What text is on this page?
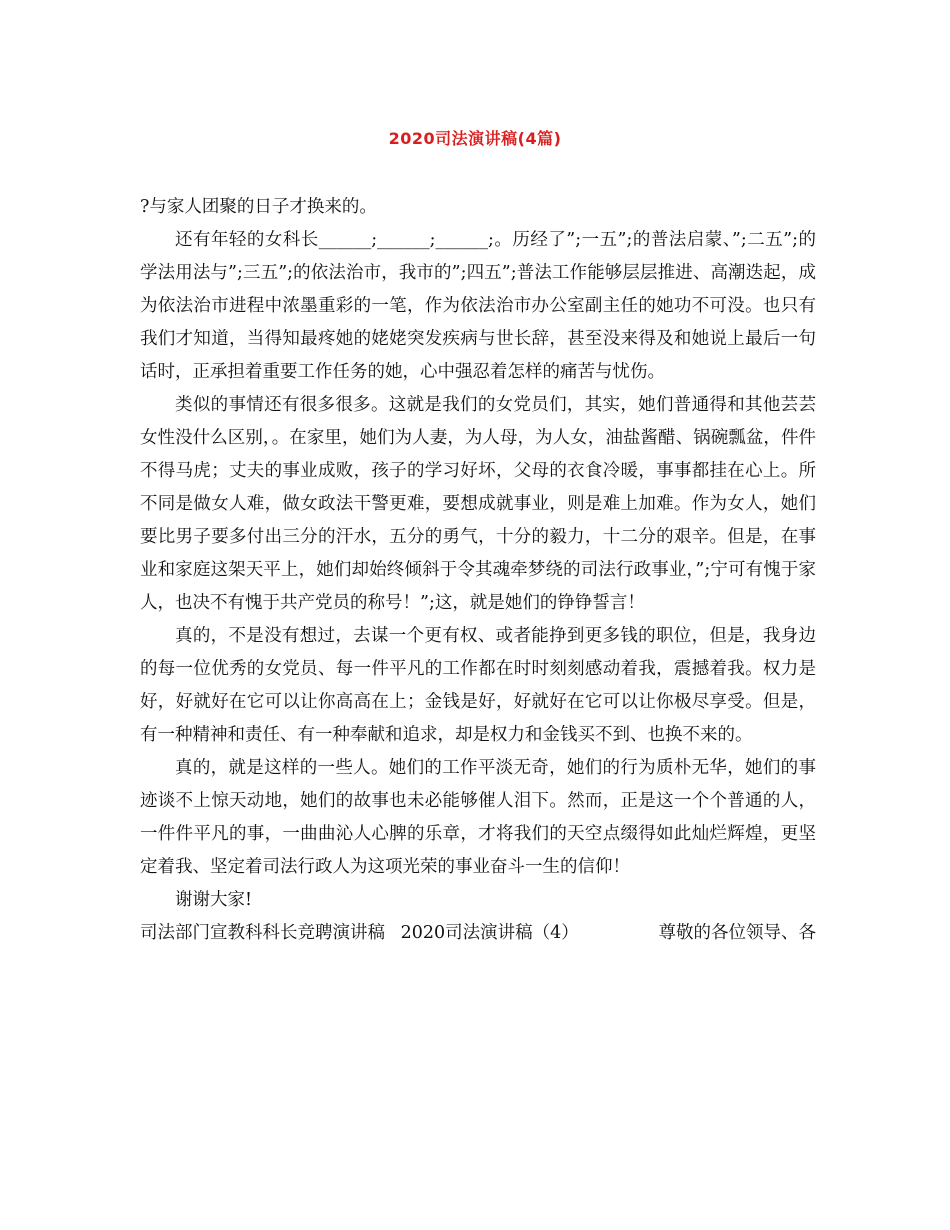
2020司法演讲稿(4篇)

?与家人团聚的日子才换来的。

还有年轻的女科长______;______;______;。历经了”;一五”;的普法启蒙、”;二五”;的学法用法与”;三五”;的依法治市，我市的”;四五”;普法工作能够层层推进、高潮迭起，成为依法治市进程中浓墨重彩的一笔，作为依法治市办公室副主任的她功不可没。也只有我们才知道，当得知最疼她的姥姥突发疾病与世长辞，甚至没来得及和她说上最后一句话时，正承担着重要工作任务的她，心中强忍着怎样的痛苦与忧伤。

类似的事情还有很多很多。这就是我们的女党员们，其实，她们普通得和其他芸芸女性没什么区别，。在家里，她们为人妻，为人母，为人女，油盐酱醋、锅碗瓢盆，件件不得马虎；丈夫的事业成败，孩子的学习好坏，父母的衣食冷暖，事事都挂在心上。所不同是做女人难，做女政法干警更难，要想成就事业，则是难上加难。作为女人，她们要比男子要多付出三分的汗水，五分的勇气，十分的毅力，十二分的艰辛。但是，在事业和家庭这架天平上，她们却始终倾斜于令其魂牵梦绕的司法行政事业，”;宁可有愧于家人，也决不有愧于共产党员的称号！”;这，就是她们的铮铮誓言！

真的，不是没有想过，去谋一个更有权、或者能挣到更多钱的职位，但是，我身边的每一位优秀的女党员、每一件平凡的工作都在时时刻刻感动着我，震撼着我。权力是好，好就好在它可以让你高高在上；金钱是好，好就好在它可以让你极尽享受。但是，有一种精神和责任、有一种奉献和追求，却是权力和金钱买不到、也换不来的。

真的，就是这样的一些人。她们的工作平淡无奇，她们的行为质朴无华，她们的事迹谈不上惊天动地，她们的故事也未必能够催人泪下。然而，正是这一个个普通的人，一件件平凡的事，一曲曲沁人心脾的乐章，才将我们的天空点缀得如此灿烂辉煌，更坚定着我、坚定着司法行政人为这项光荣的事业奋斗一生的信仰！

谢谢大家!

司法部门宣教科科长竞聘演讲稿 2020司法演讲稿（4）	尊敬的各位领导、各
